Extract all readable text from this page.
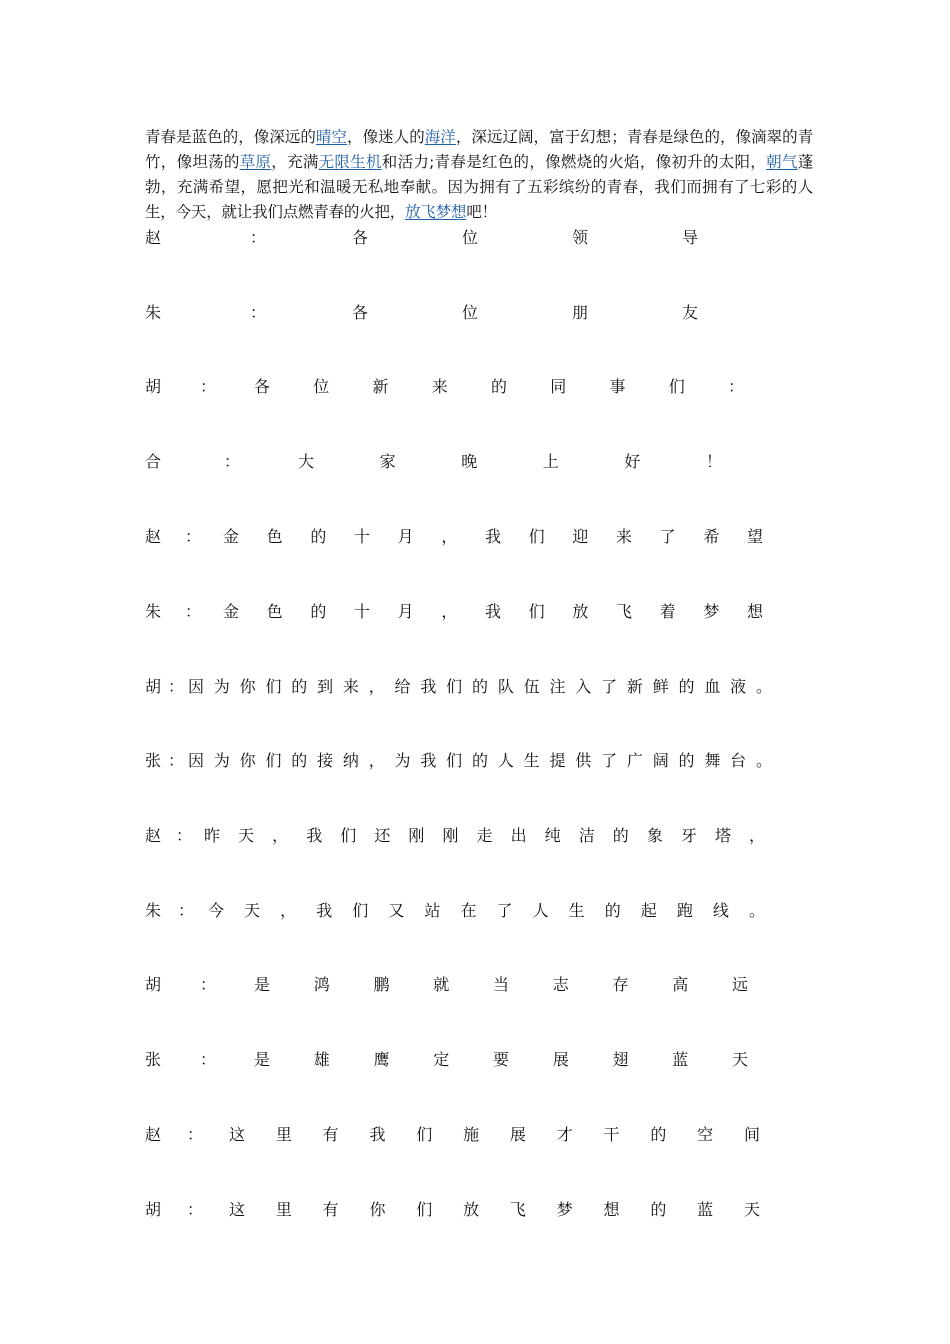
青春是蓝色的，像深远的晴空，像迷人的海洋，深远辽阔，富于幻想；青春是绿色的，像滴翠的青竹，像坦荡的草原，充满无限生机和活力;青春是红色的，像燃烧的火焰，像初升的太阳，朝气蓬勃，充满希望，愿把光和温暖无私地奉献。因为拥有了五彩缤纷的青春，我们而拥有了七彩的人生，今天，就让我们点燃青春的火把，放飞梦想吧！

赵	：	各	位	领	导
朱	：	各	位	朋	友
胡 ： 各	位	新	来	的	同	事	们	：
合	：	大	家	晚	上	好	！
赵 ： 金 色 的 十 月 ， 我 们 迎 来 了 希 望
朱 ： 金 色 的 十 月 ， 我 们 放 飞 着 梦 想
胡 ： 因 为 你 们 的 到 来 ， 给 我 们 的 队 伍 注 入 了 新 鲜 的 血 液 。
张 ： 因 为 你 们 的 接 纳 ， 为 我 们 的 人 生 提 供 了 广 阔 的 舞 台 。
赵 ： 昨 天 ， 我 们 还 刚 刚 走 出 纯 洁 的 象 牙 塔 ，
朱 ： 今 天 ， 我 们 又 站 在 了 人 生 的 起 跑 线 。
胡 ： 是	鸿	鹏	就	当	志	存	高	远
张 ： 是	雄	鹰	定	要	展	翅	蓝	天
赵 ： 这 里 有 我 们 施 展 才 干 的 空 间
胡 ： 这 里 有 你 们 放 飞 梦 想 的 蓝 天
